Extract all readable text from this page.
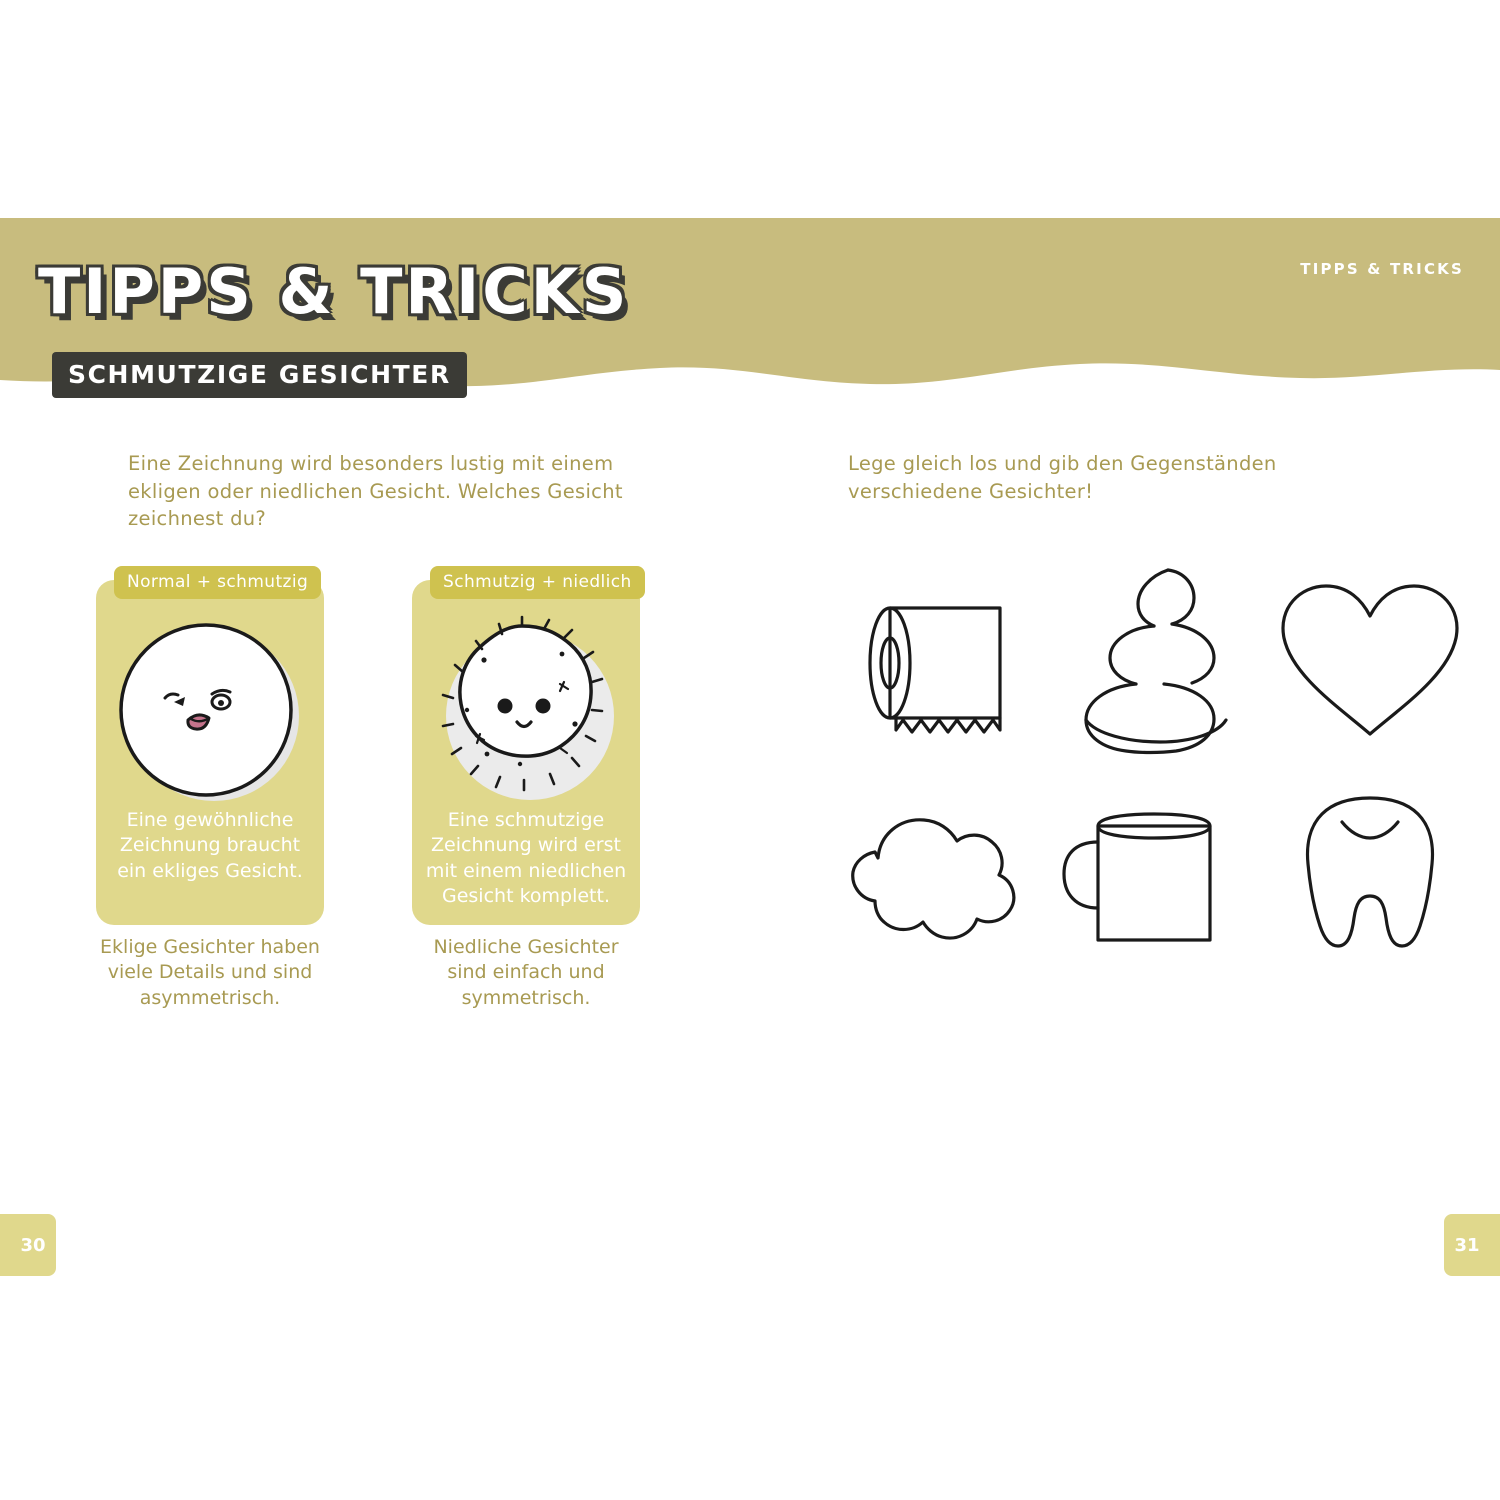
TIPPS & TRICKS
SCHMUTZIGE GESICHTER
TIPPS & TRICKS
Eine Zeichnung wird besonders lustig mit einem ekligen oder niedlichen Gesicht. Welches Gesicht zeichnest du?
Lege gleich los und gib den Gegenständen verschiedene Gesichter!
Normal + schmutzig
Eine gewöhnliche Zeichnung braucht ein ekliges Gesicht.
Eklige Gesichter haben viele Details und sind asymmetrisch.
Schmutzig + niedlich
Eine schmutzige Zeichnung wird erst mit einem niedlichen Gesicht komplett.
Niedliche Gesichter sind einfach und symmetrisch.
30	31
